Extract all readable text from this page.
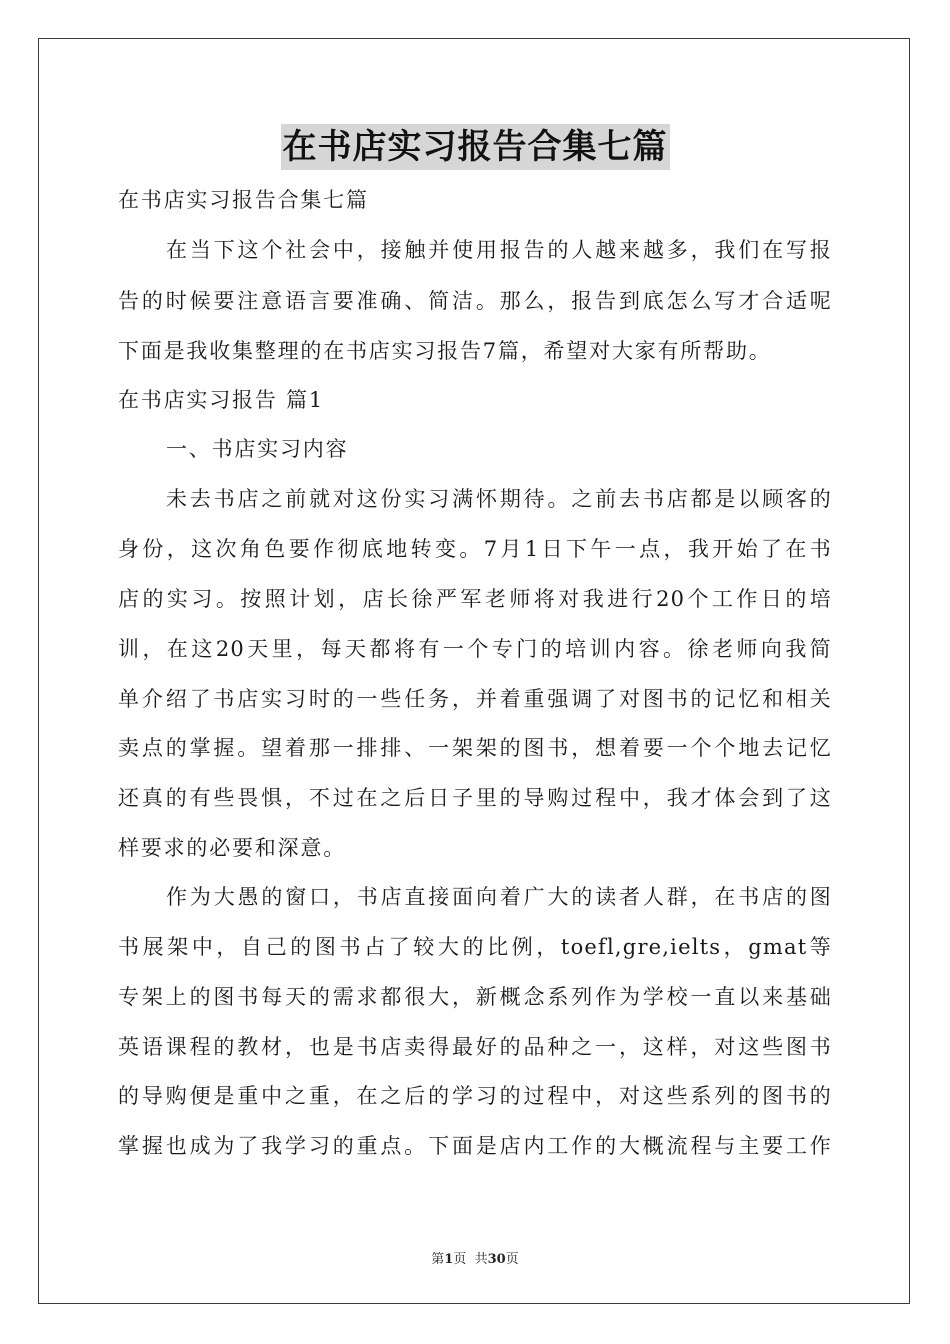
在书店实习报告合集七篇
在书店实习报告合集七篇
在当下这个社会中，接触并使用报告的人越来越多，我们在写报
告的时候要注意语言要准确、简洁。那么，报告到底怎么写才合适呢
下面是我收集整理的在书店实习报告7篇，希望对大家有所帮助。
在书店实习报告 篇1
一、书店实习内容
未去书店之前就对这份实习满怀期待。之前去书店都是以顾客的
身份，这次角色要作彻底地转变。7月1日下午一点，我开始了在书
店的实习。按照计划，店长徐严军老师将对我进行20个工作日的培
训，在这20天里，每天都将有一个专门的培训内容。徐老师向我简
单介绍了书店实习时的一些任务，并着重强调了对图书的记忆和相关
卖点的掌握。望着那一排排、一架架的图书，想着要一个个地去记忆
还真的有些畏惧，不过在之后日子里的导购过程中，我才体会到了这
样要求的必要和深意。
作为大愚的窗口，书店直接面向着广大的读者人群，在书店的图
书展架中，自己的图书占了较大的比例，toefl,gre,ielts，gmat等
专架上的图书每天的需求都很大，新概念系列作为学校一直以来基础
英语课程的教材，也是书店卖得最好的品种之一，这样，对这些图书
的导购便是重中之重，在之后的学习的过程中，对这些系列的图书的
掌握也成为了我学习的重点。下面是店内工作的大概流程与主要工作
第1页  共30页
